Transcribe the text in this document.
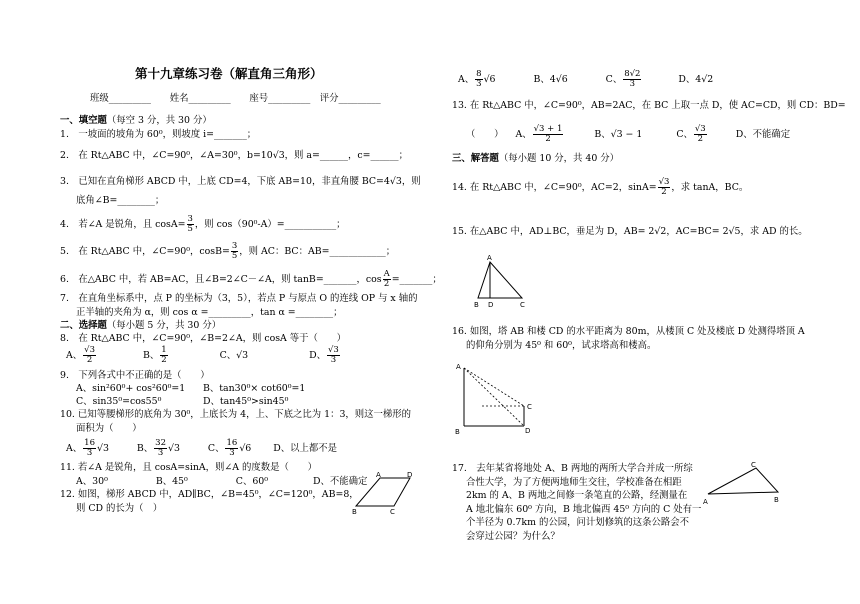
第十九章练习卷（解直角三角形）
班级_________　　姓名_________　　座号_________　评分_________
一、填空题（每空 3 分，共 30 分）
1.　一坡面的坡角为 60⁰，则坡度 i=_______；
2.　在 Rt△ABC 中，∠C=90⁰，∠A=30⁰，b=10√3，则 a=______，c=______；
3.　已知在直角梯形 ABCD 中，上底 CD=4，下底 AB=10，非直角腰 BC=4√3，则
底角∠B=________；
4.　若∠A 是锐角，且 $\cos A= \frac{3}{5}$ ，则 cos（90⁰-A）=___________；
5.　在 Rt△ABC 中，∠C=90⁰，$\cos B= \frac{3}{5}$ ，则 AC：BC：AB=____________；
6.　在△ABC 中，若 AB=AC，且∠B=2∠C－∠A，则 tanB=_______，$\cos \frac{A}{2}$ =_______；
7.　在直角坐标系中，点 P 的坐标为（3，5），若点 P 与原点 O 的连线 OP 与 x 轴的
正半轴的夹角为 α，则 cos α =_________，tan α =________；
二、选择题（每小题 5 分，共 30 分）
8.　在 Rt△ABC 中，∠C=90⁰，∠B=2∠A，则 cosA 等于（　　）
A、 $\frac{√3}{2}$	B、 $\frac{1}{2}$	C、√3	D、 $\frac{√3}{3}$
9.　下列各式中不正确的是（　　）
A、sin²60⁰+ cos²60⁰=1 B、tan30⁰× cot60⁰=1
C、sin35⁰=cos55⁰	D、tan45⁰>sin45⁰
10. 已知等腰梯形的底角为 30⁰，上底长为 4，上、下底之比为 1：3，则这一梯形的
面积为（　　）
A、 $\frac{16}{3} √3$	B、 $\frac{32}{3} √3$	C、 $\frac{16}{3} √6$ D、以上都不是
11. 若∠A 是锐角，且 cosA=sinA，则∠A 的度数是（　　）
A、30⁰	B、45⁰	C、60⁰	D、不能确定
12. 如图，梯形 ABCD 中，AD∥BC，∠B=45⁰，∠C=120⁰，AB=8，
则 CD 的长为（　）
A	D
B	C
A、 $\frac{8}{3} √6$	B、4√6	C、 $\frac{8√2}{3}$	D、4√2
13. 在 Rt△ABC 中，∠C=90⁰，AB=2AC，在 BC 上取一点 D，使 AC=CD，则 CD：BD=
（　　） A、 $\frac{√3 + 1}{2}$	B、√3 − 1	C、 $\frac{√3}{2}$	D、不能确定
三、解答题（每小题 10 分，共 40 分）
14. 在 Rt△ABC 中，∠C=90⁰，AC=2，$\sin A= \frac{√3}{2}$ ，求 tanA，BC。
15. 在△ABC 中，AD⊥BC，垂足为 D，AB= 2√2，AC=BC= 2√5，求 AD 的长。
A
B D	C
16. 如图，塔 AB 和楼 CD 的水平距离为 80m，从楼顶 C 处及楼底 D 处测得塔顶 A
的仰角分别为 45⁰ 和 60⁰，试求塔高和楼高。
A
B
C
D
17.　去年某省将地处 A、B 两地的两所大学合并成一所综
合性大学，为了方便两地师生交往，学校准备在相距
2km 的 A、B 两地之间修一条笔直的公路，经测量在
A 地北偏东 60⁰ 方向，B 地北偏西 45⁰ 方向的 C 处有一
个半径为 0.7km 的公园，问计划修筑的这条公路会不
会穿过公园？为什么？
C
A	B
